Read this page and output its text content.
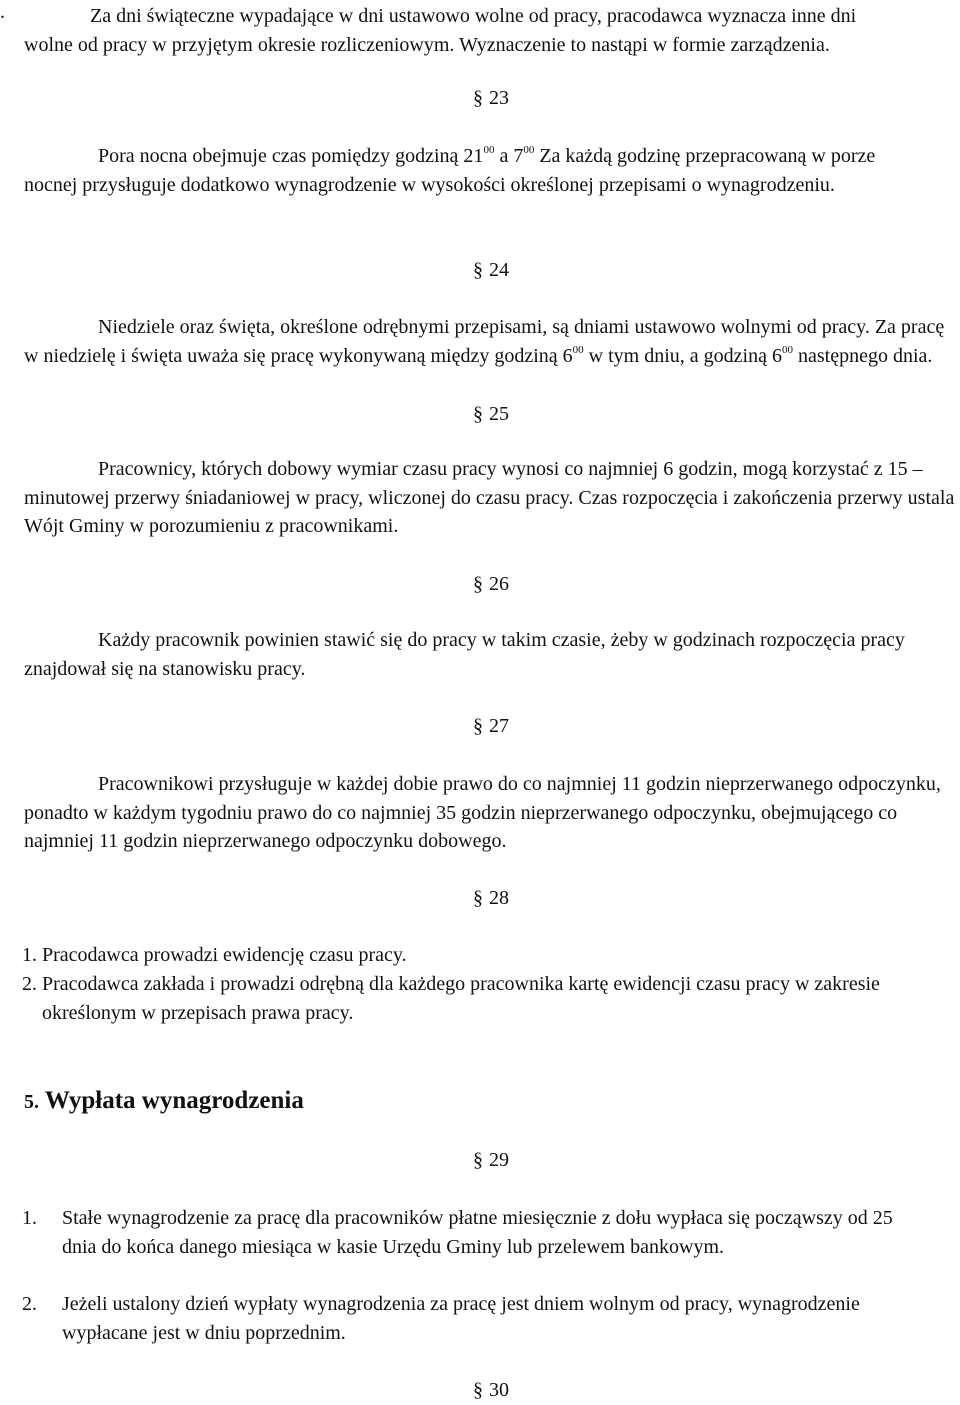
.	Za dni świąteczne wypadające w dni ustawowo wolne od pracy, pracodawca wyznacza inne dni wolne od pracy w przyjętym okresie rozliczeniowym. Wyznaczenie to nastąpi w formie zarządzenia.
§ 23
Pora nocna obejmuje czas pomiędzy godziną $21^{00}$ a $7^{00}$ Za każdą godzinę przepracowaną w porze nocnej przysługuje dodatkowo wynagrodzenie w wysokości określonej przepisami o wynagrodzeniu.
§ 24
Niedziele oraz święta, określone odrębnymi przepisami, są dniami ustawowo wolnymi od pracy. Za pracę w niedzielę i święta uważa się pracę wykonywaną między godziną $6^{00}$ w tym dniu, a godziną $6^{00}$ następnego dnia.
§ 25
Pracownicy, których dobowy wymiar czasu pracy wynosi co najmniej 6 godzin, mogą korzystać z 15 – minutowej przerwy śniadaniowej w pracy, wliczonej do czasu pracy. Czas rozpoczęcia i zakończenia przerwy ustala Wójt Gminy w porozumieniu z pracownikami.
§ 26
Każdy pracownik powinien stawić się do pracy w takim czasie, żeby w godzinach rozpoczęcia pracy znajdował się na stanowisku pracy.
§ 27
Pracownikowi przysługuje w każdej dobie prawo do co najmniej 11 godzin nieprzerwanego odpoczynku, ponadto w każdym tygodniu prawo do co najmniej 35 godzin nieprzerwanego odpoczynku, obejmującego co najmniej 11 godzin nieprzerwanego odpoczynku dobowego.
§ 28
1. Pracodawca prowadzi ewidencję czasu pracy.
2. Pracodawca zakłada i prowadzi odrębną dla każdego pracownika kartę ewidencji czasu pracy w zakresie określonym w przepisach prawa pracy.
5. Wypłata wynagrodzenia
§ 29
1. Stałe wynagrodzenie za pracę dla pracowników płatne miesięcznie z dołu wypłaca się począwszy od 25 dnia do końca danego miesiąca w kasie Urzędu Gminy lub przelewem bankowym.
2. Jeżeli ustalony dzień wypłaty wynagrodzenia za pracę jest dniem wolnym od pracy, wynagrodzenie wypłacane jest w dniu poprzednim.
§ 30
